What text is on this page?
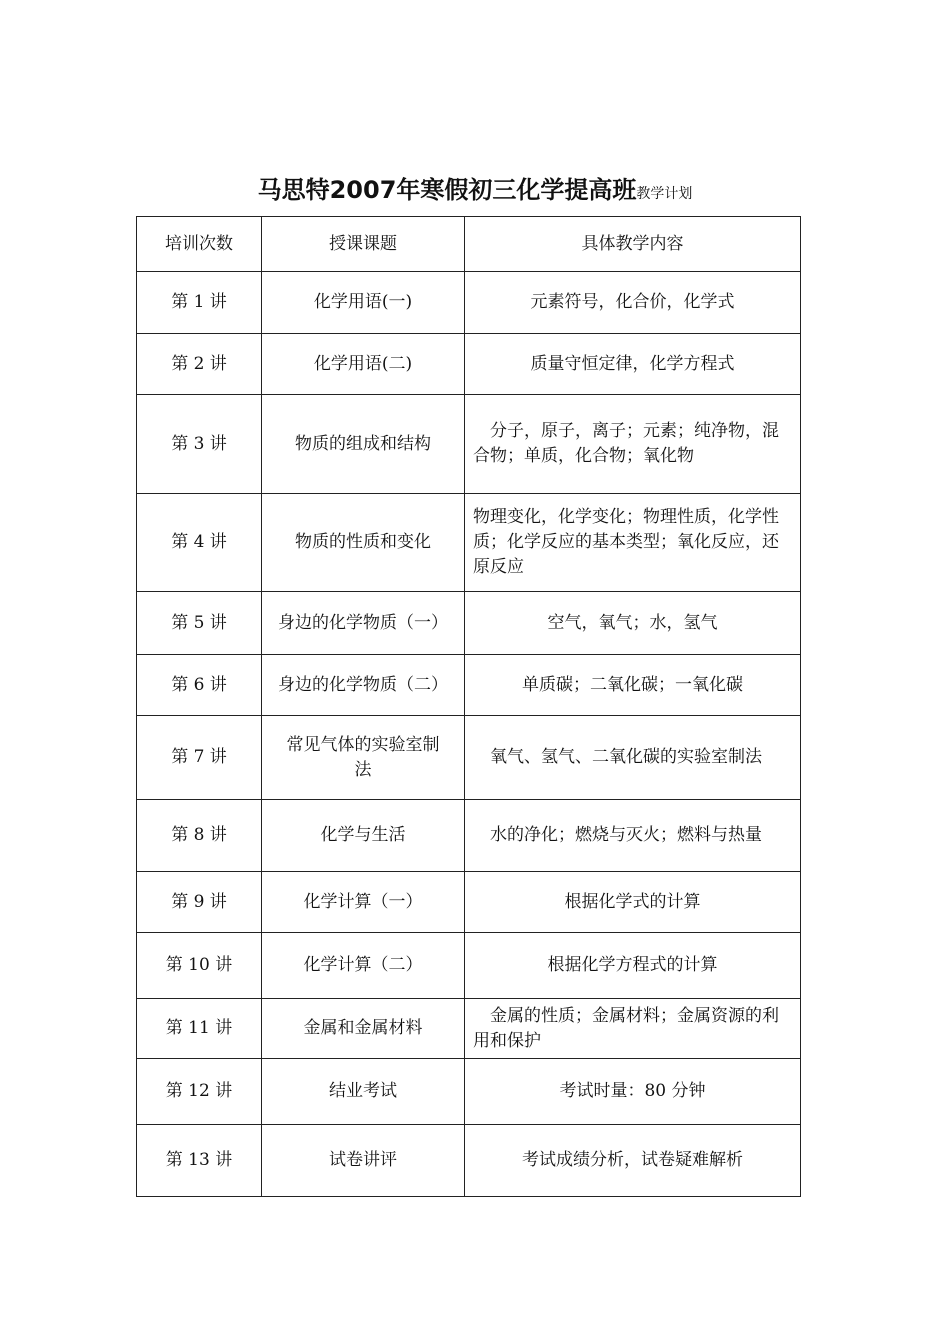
马思特2007年寒假初三化学提高班教学计划
培训次数	授课课题	具体教学内容
第 1 讲	化学用语(一)	元素符号，化合价，化学式
第 2 讲	化学用语(二)	质量守恒定律，化学方程式
第 3 讲	物质的组成和结构	分子，原子，离子；元素；纯净物，混合物；单质，化合物；氧化物
第 4 讲	物质的性质和变化	物理变化，化学变化；物理性质，化学性质；化学反应的基本类型；氧化反应，还原反应
第 5 讲	身边的化学物质（一）	空气，氧气；水，氢气
第 6 讲	身边的化学物质（二）	单质碳；二氧化碳；一氧化碳
第 7 讲	常见气体的实验室制法	氧气、氢气、二氧化碳的实验室制法
第 8 讲	化学与生活	水的净化；燃烧与灭火；燃料与热量
第 9 讲	化学计算（一）	根据化学式的计算
第 10 讲	化学计算（二）	根据化学方程式的计算
第 11 讲	金属和金属材料	金属的性质；金属材料；金属资源的利用和保护
第 12 讲	结业考试	考试时量：80 分钟
第 13 讲	试卷讲评	考试成绩分析，试卷疑难解析
